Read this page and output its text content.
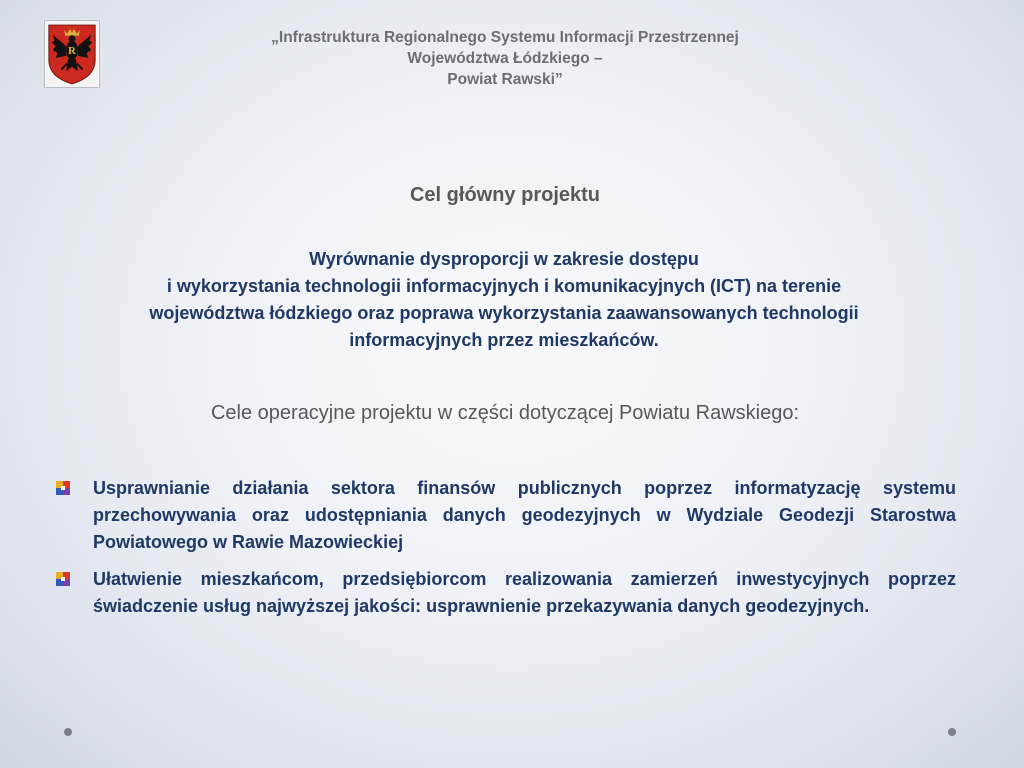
R
„Infrastruktura Regionalnego Systemu Informacji Przestrzennej
Województwa Łódzkiego –
Powiat Rawski”
Cel główny projektu
Wyrównanie dysproporcji w zakresie dostępu
i wykorzystania technologii informacyjnych i komunikacyjnych (ICT) na terenie
województwa łódzkiego oraz poprawa wykorzystania zaawansowanych technologii
informacyjnych przez mieszkańców.
Cele operacyjne projektu w części dotyczącej Powiatu Rawskiego:
Usprawnianie działania sektora finansów publicznych poprzez informatyzację systemu przechowywania oraz udostępniania danych geodezyjnych w Wydziale Geodezji Starostwa Powiatowego w Rawie Mazowieckiej
Ułatwienie mieszkańcom, przedsiębiorcom realizowania zamierzeń inwestycyjnych poprzez świadczenie usług najwyższej jakości: usprawnienie przekazywania danych geodezyjnych.
